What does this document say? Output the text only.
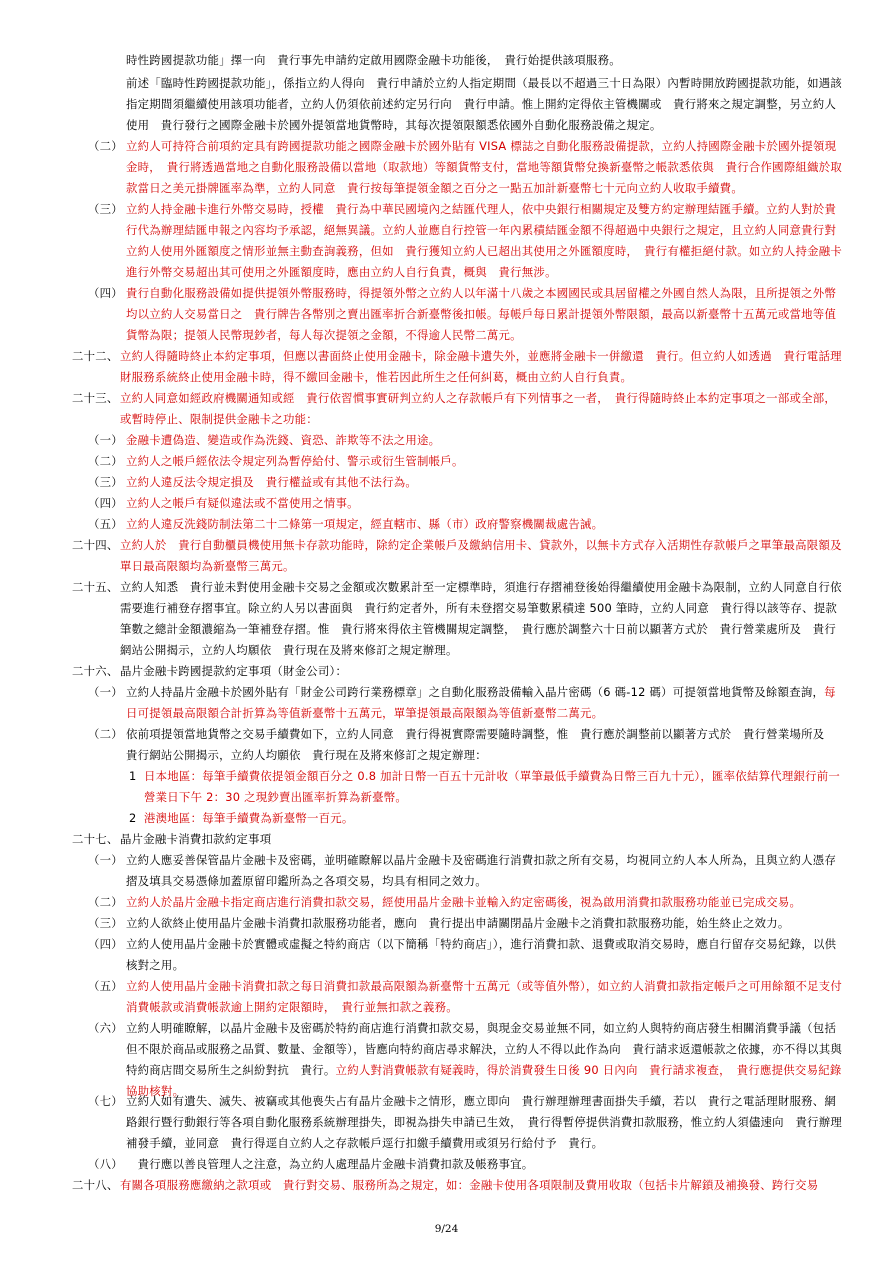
時性跨國提款功能」擇一向　貴行事先申請約定啟用國際金融卡功能後，　貴行始提供該項服務。
前述「臨時性跨國提款功能」，係指立約人得向　貴行申請於立約人指定期間（最長以不超過三十日為限）內暫時開放跨國提款功能，如遇該指定期間須繼續使用該項功能者，立約人仍須依前述約定另行向　貴行申請。惟上開約定得依主管機關或　貴行將來之規定調整，另立約人使用　貴行發行之國際金融卡於國外提領當地貨幣時，其每次提領限額悉依國外自動化服務設備之規定。
（二） 立約人可持符合前項約定具有跨國提款功能之國際金融卡於國外貼有 VISA 標誌之自動化服務設備提款，立約人持國際金融卡於國外提領現金時，　貴行將透過當地之自動化服務設備以當地（取款地）等額貨幣支付，當地等額貨幣兌換新臺幣之帳款悉依與　貴行合作國際組織於取款當日之美元掛牌匯率為準，立約人同意　貴行按每筆提領金額之百分之一點五加計新臺幣七十元向立約人收取手續費。
（三） 立約人持金融卡進行外幣交易時，授權　貴行為中華民國境內之結匯代理人，依中央銀行相關規定及雙方約定辦理結匯手續。立約人對於貴行代為辦理結匯申報之內容均予承認，絕無異議。立約人並應自行控管一年內累積結匯金額不得超過中央銀行之規定，且立約人同意貴行對立約人使用外匯額度之情形並無主動查詢義務，但如　貴行獲知立約人已超出其使用之外匯額度時，　貴行有權拒絕付款。如立約人持金融卡進行外幣交易超出其可使用之外匯額度時，應由立約人自行負責，概與　貴行無涉。
（四） 貴行自動化服務設備如提供提領外幣服務時，得提領外幣之立約人以年滿十八歲之本國國民或具居留權之外國自然人為限，且所提領之外幣均以立約人交易當日之　貴行牌告各幣別之賣出匯率折合新臺幣後扣帳。每帳戶每日累計提領外幣限額，最高以新臺幣十五萬元或當地等值貨幣為限；提領人民幣現鈔者，每人每次提領之金額，不得逾人民幣二萬元。
二十二、 立約人得隨時終止本約定事項，但應以書面終止使用金融卡，除金融卡遺失外，並應將金融卡一併繳還　貴行。但立約人如透過　貴行電話理財服務系統終止使用金融卡時，得不繳回金融卡，惟若因此所生之任何糾葛，概由立約人自行負責。
二十三、 立約人同意如經政府機關通知或經　貴行依習慣事實研判立約人之存款帳戶有下列情事之一者，　貴行得隨時終止本約定事項之一部或全部，或暫時停止、限制提供金融卡之功能：
（一） 金融卡遭偽造、變造或作為洗錢、資恐、詐欺等不法之用途。
（二） 立約人之帳戶經依法令規定列為暫停給付、警示或衍生管制帳戶。
（三） 立約人違反法令規定損及　貴行權益或有其他不法行為。
（四） 立約人之帳戶有疑似違法或不當使用之情事。
（五） 立約人違反洗錢防制法第二十二條第一項規定，經直轄市、縣（市）政府警察機關裁處告誡。
二十四、 立約人於　貴行自動櫃員機使用無卡存款功能時，除約定企業帳戶及繳納信用卡、貸款外，以無卡方式存入活期性存款帳戶之單筆最高限額及單日最高限額均為新臺幣三萬元。
二十五、 立約人知悉　貴行並未對使用金融卡交易之金額或次數累計至一定標準時，須進行存摺補登後始得繼續使用金融卡為限制，立約人同意自行依需要進行補登存摺事宜。除立約人另以書面與　貴行約定者外，所有未登摺交易筆數累積達 500 筆時，立約人同意　貴行得以該等存、提款筆數之總計金額濃縮為一筆補登存摺。惟　貴行將來得依主管機關規定調整，　貴行應於調整六十日前以顯著方式於　貴行營業處所及　貴行網站公開揭示，立約人均願依　貴行現在及將來修訂之規定辦理。
二十六、 晶片金融卡跨國提款約定事項（財金公司）：
（一） 立約人持晶片金融卡於國外貼有「財金公司跨行業務標章」之自動化服務設備輸入晶片密碼（6 碼-12 碼）可提領當地貨幣及餘額查詢，每日可提領最高限額合計折算為等值新臺幣十五萬元，單筆提領最高限額為等值新臺幣二萬元。
（二） 依前項提領當地貨幣之交易手續費如下，立約人同意　貴行得視實際需要隨時調整，惟　貴行應於調整前以顯著方式於　貴行營業場所及　貴行網站公開揭示，立約人均願依　貴行現在及將來修訂之規定辦理：
1 日本地區：每筆手續費依提領金額百分之 0.8 加計日幣一百五十元計收（單筆最低手續費為日幣三百九十元），匯率依結算代理銀行前一營業日下午 2：30 之現鈔賣出匯率折算為新臺幣。
2 港澳地區：每筆手續費為新臺幣一百元。
二十七、 晶片金融卡消費扣款約定事項
（一） 立約人應妥善保管晶片金融卡及密碼，並明確瞭解以晶片金融卡及密碼進行消費扣款之所有交易，均視同立約人本人所為，且與立約人憑存摺及填具交易憑條加蓋原留印鑑所為之各項交易，均具有相同之效力。
（二） 立約人於晶片金融卡指定商店進行消費扣款交易，經使用晶片金融卡並輸入約定密碼後，視為啟用消費扣款服務功能並已完成交易。
（三） 立約人欲終止使用晶片金融卡消費扣款服務功能者，應向　貴行提出申請關閉晶片金融卡之消費扣款服務功能，始生終止之效力。
（四） 立約人使用晶片金融卡於實體或虛擬之特約商店（以下簡稱「特約商店」），進行消費扣款、退費或取消交易時，應自行留存交易紀錄，以供核對之用。
（五） 立約人使用晶片金融卡消費扣款之每日消費扣款最高限額為新臺幣十五萬元（或等值外幣），如立約人消費扣款指定帳戶之可用餘額不足支付消費帳款或消費帳款逾上開約定限額時，　貴行並無扣款之義務。
（六） 立約人明確瞭解，以晶片金融卡及密碼於特約商店進行消費扣款交易，與現金交易並無不同，如立約人與特約商店發生相關消費爭議（包括但不限於商品或服務之品質、數量、金額等），皆應向特約商店尋求解決，立約人不得以此作為向　貴行請求返還帳款之依據，亦不得以其與特約商店間交易所生之糾紛對抗　貴行。立約人對消費帳款有疑義時，得於消費發生日後 90 日內向　貴行請求複查，　貴行應提供交易紀錄協助核對。
（七） 立約人如有遺失、滅失、被竊或其他喪失占有晶片金融卡之情形，應立即向　貴行辦理辦理書面掛失手續，若以　貴行之電話理財服務、網路銀行暨行動銀行等各項自動化服務系統辦理掛失，即視為掛失申請已生效，　貴行得暫停提供消費扣款服務，惟立約人須儘速向　貴行辦理補發手續，並同意　貴行得逕自立約人之存款帳戶逕行扣繳手續費用或須另行給付予　貴行。
（八） 　貴行應以善良管理人之注意，為立約人處理晶片金融卡消費扣款及帳務事宜。
二十八、 有關各項服務應繳納之款項或　貴行對交易、服務所為之規定，如：金融卡使用各項限制及費用收取（包括卡片解鎖及補換發、跨行交易
9/24
